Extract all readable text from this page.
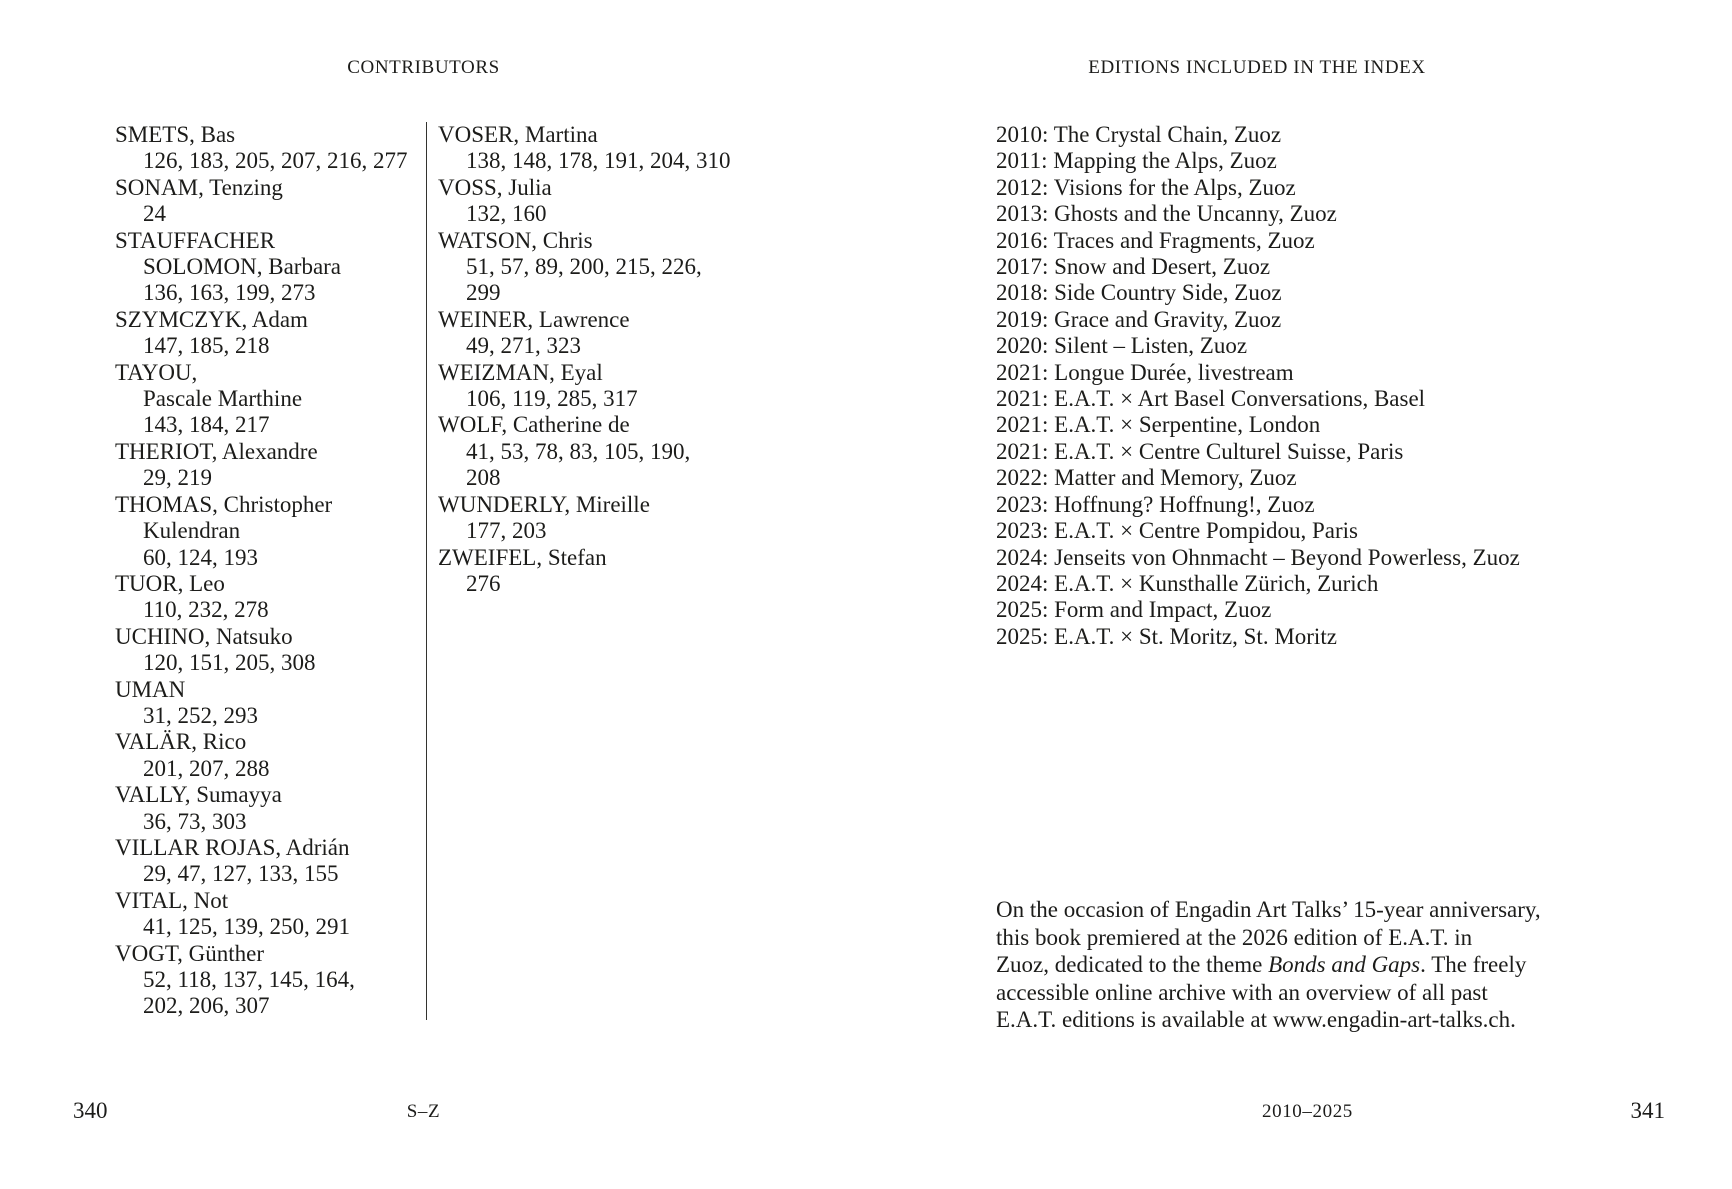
CONTRIBUTORS
SMETS, Bas
126, 183, 205, 207, 216, 277
SONAM, Tenzing
24
STAUFFACHER
SOLOMON, Barbara
136, 163, 199, 273
SZYMCZYK, Adam
147, 185, 218
TAYOU,
Pascale Marthine
143, 184, 217
THERIOT, Alexandre
29, 219
THOMAS, Christopher
Kulendran
60, 124, 193
TUOR, Leo
110, 232, 278
UCHINO, Natsuko
120, 151, 205, 308
UMAN
31, 252, 293
VALÄR, Rico
201, 207, 288
VALLY, Sumayya
36, 73, 303
VILLAR ROJAS, Adrián
29, 47, 127, 133, 155
VITAL, Not
41, 125, 139, 250, 291
VOGT, Günther
52, 118, 137, 145, 164,
202, 206, 307
VOSER, Martina
138, 148, 178, 191, 204, 310
VOSS, Julia
132, 160
WATSON, Chris
51, 57, 89, 200, 215, 226,
299
WEINER, Lawrence
49, 271, 323
WEIZMAN, Eyal
106, 119, 285, 317
WOLF, Catherine de
41, 53, 78, 83, 105, 190,
208
WUNDERLY, Mireille
177, 203
ZWEIFEL, Stefan
276
340	S–Z
EDITIONS INCLUDED IN THE INDEX
2010: The Crystal Chain, Zuoz
2011: Mapping the Alps, Zuoz
2012: Visions for the Alps, Zuoz
2013: Ghosts and the Uncanny, Zuoz
2016: Traces and Fragments, Zuoz
2017: Snow and Desert, Zuoz
2018: Side Country Side, Zuoz
2019: Grace and Gravity, Zuoz
2020: Silent – Listen, Zuoz
2021: Longue Durée, livestream
2021: E.A.T. × Art Basel Conversations, Basel
2021: E.A.T. × Serpentine, London
2021: E.A.T. × Centre Culturel Suisse, Paris
2022: Matter and Memory, Zuoz
2023: Hoffnung? Hoffnung!, Zuoz
2023: E.A.T. × Centre Pompidou, Paris
2024: Jenseits von Ohnmacht – Beyond Powerless, Zuoz
2024: E.A.T. × Kunsthalle Zürich, Zurich
2025: Form and Impact, Zuoz
2025: E.A.T. × St. Moritz, St. Moritz
On the occasion of Engadin Art Talks’ 15-year anniversary,
this book premiered at the 2026 edition of E.A.T. in
Zuoz, dedicated to the theme Bonds and Gaps. The freely
accessible online archive with an overview of all past
E.A.T. editions is available at www.engadin-art-talks.ch.
2010–2025	341
